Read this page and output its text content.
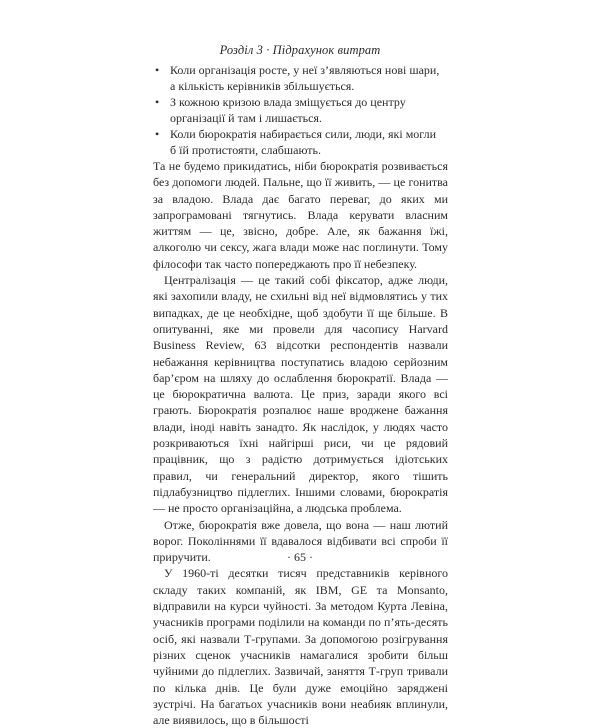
Розділ 3 · Підрахунок витрат
• Коли організація росте, у неї з’являються нові шари, а кількість керівників збільшується.
• З кожною кризою влада зміщується до центру організації й там і лишається.
• Коли бюрократія набирається сили, люди, які могли б їй протистояти, слабшають.

Та не будемо прикидатись, ніби бюрократія розвивається без допомоги людей. Пальне, що її живить, — це гонитва за владою. Влада дає багато переваг, до яких ми запрограмовані тягнутись. Влада керувати власним життям — це, звісно, добре. Але, як бажання їжі, алкоголю чи сексу, жага влади може нас поглинути. Тому філософи так часто попереджають про її небезпеку.

Централізація — це такий собі фіксатор, адже люди, які захопили владу, не схильні від неї відмовлятись у тих випадках, де це необхідне, щоб здобути її ще більше. В опитуванні, яке ми провели для часопису Harvard Business Review, 63 відсотки респондентів назвали небажання керівництва поступатись владою серйозним бар’єром на шляху до ослаблення бюрократії. Влада — це бюрократична валюта. Це приз, заради якого всі грають. Бюрократія розпалює наше вроджене бажання влади, іноді навіть занадто. Як наслідок, у людях часто розкриваються їхні найгірші риси, чи це рядовий працівник, що з радістю дотримується ідіотських правил, чи генеральний директор, якого тішить підлабузництво підлеглих. Іншими словами, бюрократія — не просто організаційна, а людська проблема.

Отже, бюрократія вже довела, що вона — наш лютий ворог. Поколіннями її вдавалося відбивати всі спроби її приручити.

У 1960-ті десятки тисяч представників керівного складу таких компаній, як IBM, GE та Monsanto, відправили на курси чуйності. За методом Курта Левіна, учасників програми поділили на команди по п’ять-десять осіб, які назвали Т-групами. За допомогою розігрування різних сценок учасників намагалися зробити більш чуйними до підлеглих. Зазвичай, заняття Т-груп тривали по кілька днів. Це були дуже емоційно заряджені зустрічі. На багатьох учасників вони неабияк вплинули, але виявилось, що в більшості

· 65 ·
